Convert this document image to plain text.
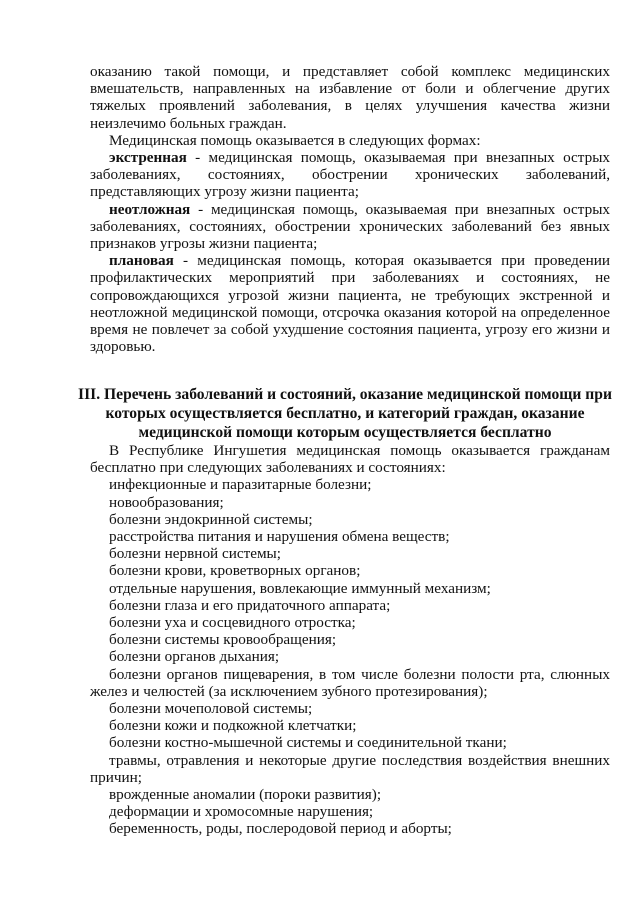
оказанию такой помощи, и представляет собой комплекс медицинских вмешательств, направленных на избавление от боли и облегчение других тяжелых проявлений заболевания, в целях улучшения качества жизни неизлечимо больных граждан.

Медицинская помощь оказывается в следующих формах:

экстренная - медицинская помощь, оказываемая при внезапных острых заболеваниях, состояниях, обострении хронических заболеваний, представляющих угрозу жизни пациента;

неотложная - медицинская помощь, оказываемая при внезапных острых заболеваниях, состояниях, обострении хронических заболеваний без явных признаков угрозы жизни пациента;

плановая - медицинская помощь, которая оказывается при проведении профилактических мероприятий при заболеваниях и состояниях, не сопровождающихся угрозой жизни пациента, не требующих экстренной и неотложной медицинской помощи, отсрочка оказания которой на определенное время не повлечет за собой ухудшение состояния пациента, угрозу его жизни и здоровью.

III. Перечень заболеваний и состояний, оказание медицинской помощи при которых осуществляется бесплатно, и категорий граждан, оказание медицинской помощи которым осуществляется бесплатно

В Республике Ингушетия медицинская помощь оказывается гражданам бесплатно при следующих заболеваниях и состояниях:

инфекционные и паразитарные болезни;

новообразования;

болезни эндокринной системы;

расстройства питания и нарушения обмена веществ;

болезни нервной системы;

болезни крови, кроветворных органов;

отдельные нарушения, вовлекающие иммунный механизм;

болезни глаза и его придаточного аппарата;

болезни уха и сосцевидного отростка;

болезни системы кровообращения;

болезни органов дыхания;

болезни органов пищеварения, в том числе болезни полости рта, слюнных желез и челюстей (за исключением зубного протезирования);

болезни мочеполовой системы;

болезни кожи и подкожной клетчатки;

болезни костно-мышечной системы и соединительной ткани;

травмы, отравления и некоторые другие последствия воздействия внешних причин;

врожденные аномалии (пороки развития);

деформации и хромосомные нарушения;

беременность, роды, послеродовой период и аборты;
